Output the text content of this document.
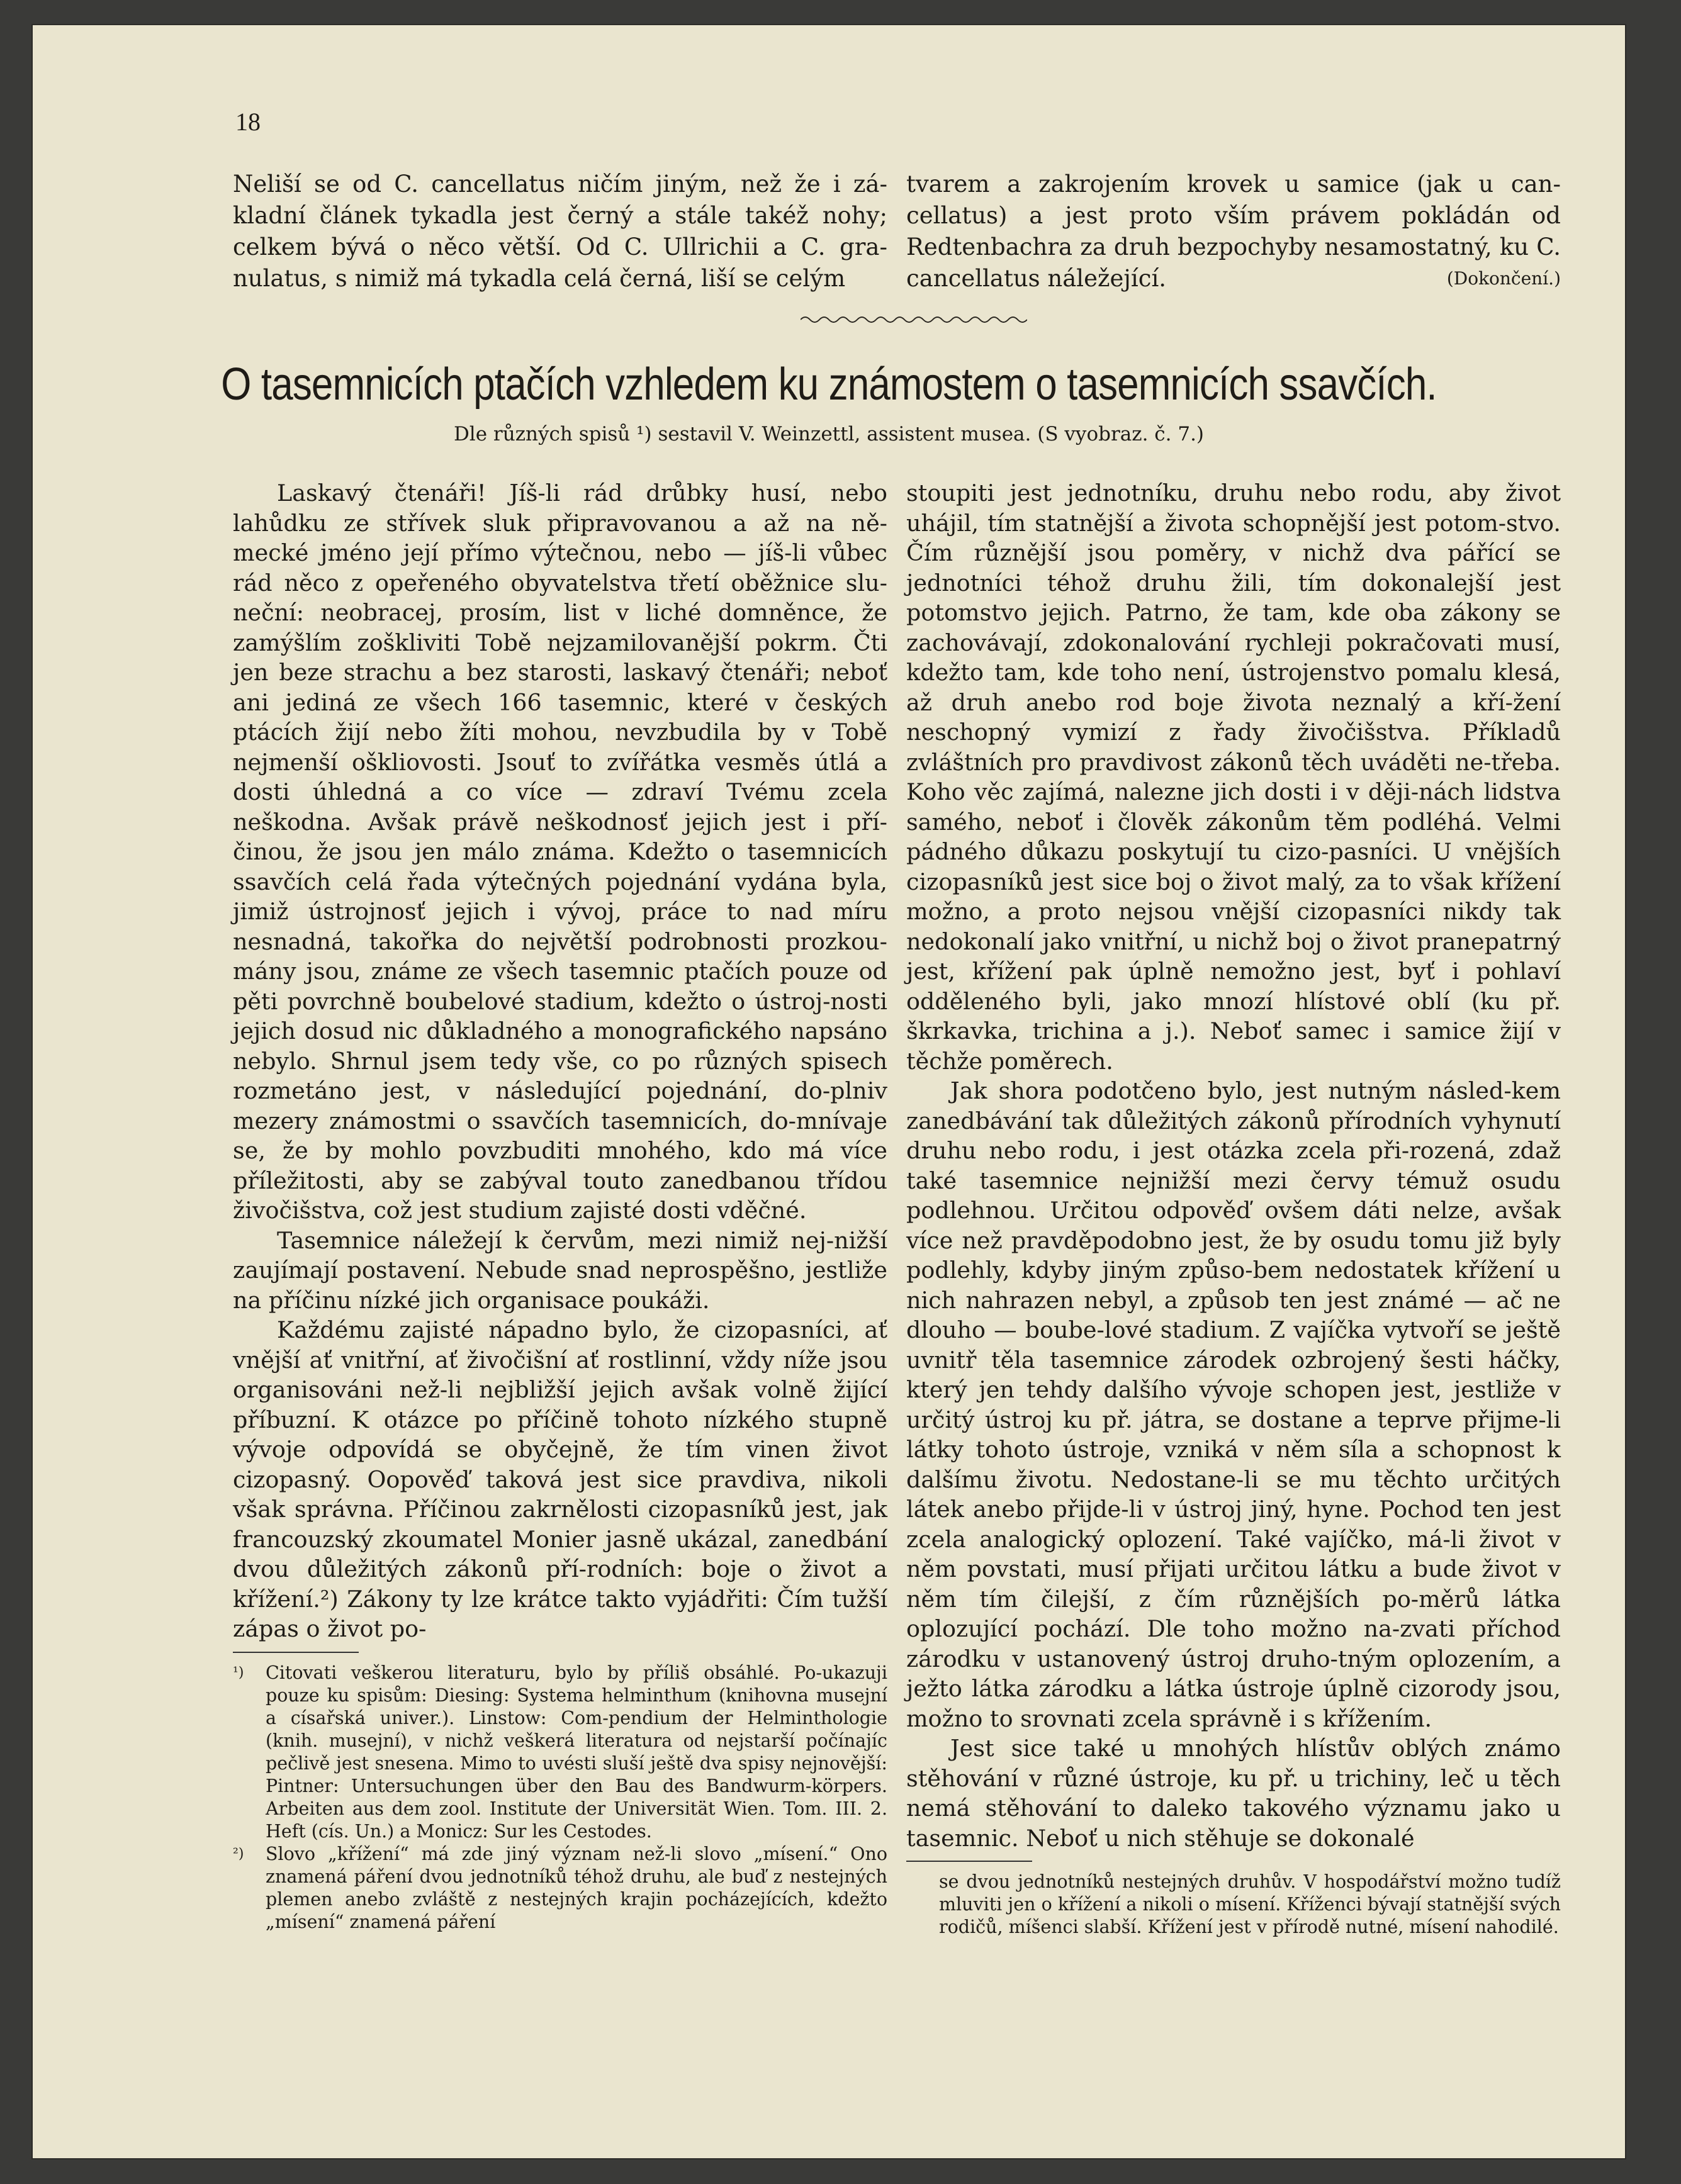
18

Neliší se od C. cancellatus ničím jiným, než že i zá-kladní článek tykadla jest černý a stále takéž nohy; celkem bývá o něco větší. Od C. Ullrichii a C. gra-nulatus, s nimiž má tykadla celá černá, liší se celým

tvarem a zakrojením krovek u samice (jak u can-cellatus) a jest proto vším právem pokládán od Redtenbachra za druh bezpochyby nesamostatný, ku C. cancellatus náležející.	(Dokončení.)

O tasemnicích ptačích vzhledem ku známostem o tasemnicích ssavčích.

Dle různých spisů ¹) sestavil V. Weinzettl, assistent musea. (S vyobraz. č. 7.)

Laskavý čtenáři! Jíš-li rád drůbky husí, nebo lahůdku ze střívek sluk připravovanou a až na ně-mecké jméno její přímo výtečnou, nebo — jíš-li vůbec rád něco z opeřeného obyvatelstva třetí oběžnice slu-neční: neobracej, prosím, list v liché domněnce, že zamýšlím zoškliviti Tobě nejzamilovanější pokrm. Čti jen beze strachu a bez starosti, laskavý čtenáři; neboť ani jediná ze všech 166 tasemnic, které v českých ptácích žijí nebo žíti mohou, nevzbudila by v Tobě nejmenší oškliovosti. Jsouť to zvířátka vesměs útlá a dosti úhledná a co více — zdraví Tvému zcela neškodna. Avšak právě neškodnosť jejich jest i pří-činou, že jsou jen málo známa. Kdežto o tasemnicích ssavčích celá řada výtečných pojednání vydána byla, jimiž ústrojnosť jejich i vývoj, práce to nad míru nesnadná, takořka do největší podrobnosti prozkou-mány jsou, známe ze všech tasemnic ptačích pouze od pěti povrchně boubelové stadium, kdežto o ústroj-nosti jejich dosud nic důkladného a monografického napsáno nebylo. Shrnul jsem tedy vše, co po různých spisech rozmetáno jest, v následující pojednání, do-plniv mezery známostmi o ssavčích tasemnicích, do-mnívaje se, že by mohlo povzbuditi mnohého, kdo má více příležitosti, aby se zabýval touto zanedbanou třídou živočišstva, což jest studium zajisté dosti vděčné.

Tasemnice náležejí k červům, mezi nimiž nej-nižší zaujímají postavení. Nebude snad neprospěšno, jestliže na příčinu nízké jich organisace poukáži.

Každému zajisté nápadno bylo, že cizopasníci, ať vnější ať vnitřní, ať živočišní ať rostlinní, vždy níže jsou organisováni než-li nejbližší jejich avšak volně žijící příbuzní. K otázce po příčině tohoto nízkého stupně vývoje odpovídá se obyčejně, že tím vinen život cizopasný. Oopověď taková jest sice pravdiva, nikoli však správna. Příčinou zakrnělosti cizopasníků jest, jak francouzský zkoumatel Monier jasně ukázal, zanedbání dvou důležitých zákonů pří-rodních: boje o život a křížení.²) Zákony ty lze krátce takto vyjádřiti: Čím tužší zápas o život po-

¹)	Citovati veškerou literaturu, bylo by příliš obsáhlé. Po-ukazuji pouze ku spisům: Diesing: Systema helminthum (knihovna musejní a císařská univer.). Linstow: Com-pendium der Helminthologie (knih. musejní), v nichž veškerá literatura od nejstarší počínajíc pečlivě jest snesena. Mimo to uvésti sluší ještě dva spisy nejnovější: Pintner: Untersuchungen über den Bau des Bandwurm-körpers. Arbeiten aus dem zool. Institute der Universität Wien. Tom. III. 2. Heft (cís. Un.) a Monicz: Sur les Cestodes.
²)	Slovo „křížení“ má zde jiný význam než-li slovo „mísení.“ Ono znamená páření dvou jednotníků téhož druhu, ale buď z nestejných plemen anebo zvláště z nestejných krajin pocházejících, kdežto „mísení“ znamená páření

stoupiti jest jednotníku, druhu nebo rodu, aby život uhájil, tím statnější a života schopnější jest potom-stvo. Čím různější jsou poměry, v nichž dva pářící se jednotníci téhož druhu žili, tím dokonalejší jest potomstvo jejich. Patrno, že tam, kde oba zákony se zachovávají, zdokonalování rychleji pokračovati musí, kdežto tam, kde toho není, ústrojenstvo pomalu klesá, až druh anebo rod boje života neznalý a kří-žení neschopný vymizí z řady živočišstva. Příkladů zvláštních pro pravdivost zákonů těch uváděti ne-třeba. Koho věc zajímá, nalezne jich dosti i v ději-nách lidstva samého, neboť i člověk zákonům těm podléhá. Velmi pádného důkazu poskytují tu cizo-pasníci. U vnějších cizopasníků jest sice boj o život malý, za to však křížení možno, a proto nejsou vnější cizopasníci nikdy tak nedokonalí jako vnitřní, u nichž boj o život pranepatrný jest, křížení pak úplně nemožno jest, byť i pohlaví odděleného byli, jako mnozí hlístové oblí (ku př. škrkavka, trichina a j.). Neboť samec i samice žijí v těchže poměrech.

Jak shora podotčeno bylo, jest nutným násled-kem zanedbávání tak důležitých zákonů přírodních vyhynutí druhu nebo rodu, i jest otázka zcela při-rozená, zdaž také tasemnice nejnižší mezi červy témuž osudu podlehnou. Určitou odpověď ovšem dáti nelze, avšak více než pravděpodobno jest, že by osudu tomu již byly podlehly, kdyby jiným způso-bem nedostatek křížení u nich nahrazen nebyl, a způsob ten jest známé — ač ne dlouho — boube-lové stadium. Z vajíčka vytvoří se ještě uvnitř těla tasemnice zárodek ozbrojený šesti háčky, který jen tehdy dalšího vývoje schopen jest, jestliže v určitý ústroj ku př. játra, se dostane a teprve přijme-li látky tohoto ústroje, vzniká v něm síla a schopnost k dalšímu životu. Nedostane-li se mu těchto určitých látek anebo přijde-li v ústroj jiný, hyne. Pochod ten jest zcela analogický oplození. Také vajíčko, má-li život v něm povstati, musí přijati určitou látku a bude život v něm tím čilejší, z čím různějších po-měrů látka oplozující pochází. Dle toho možno na-zvati příchod zárodku v ustanovený ústroj druho-tným oplozením, a ježto látka zárodku a látka ústroje úplně cizorody jsou, možno to srovnati zcela správně i s křížením.

Jest sice také u mnohých hlístův oblých známo stěhování v různé ústroje, ku př. u trichiny, leč u těch nemá stěhování to daleko takového významu jako u tasemnic. Neboť u nich stěhuje se dokonalé

se dvou jednotníků nestejných druhův. V hospodářství možno tudíž mluviti jen o křížení a nikoli o mísení. Kříženci bývají statnější svých rodičů, míšenci slabší. Křížení jest v přírodě nutné, mísení nahodilé.
